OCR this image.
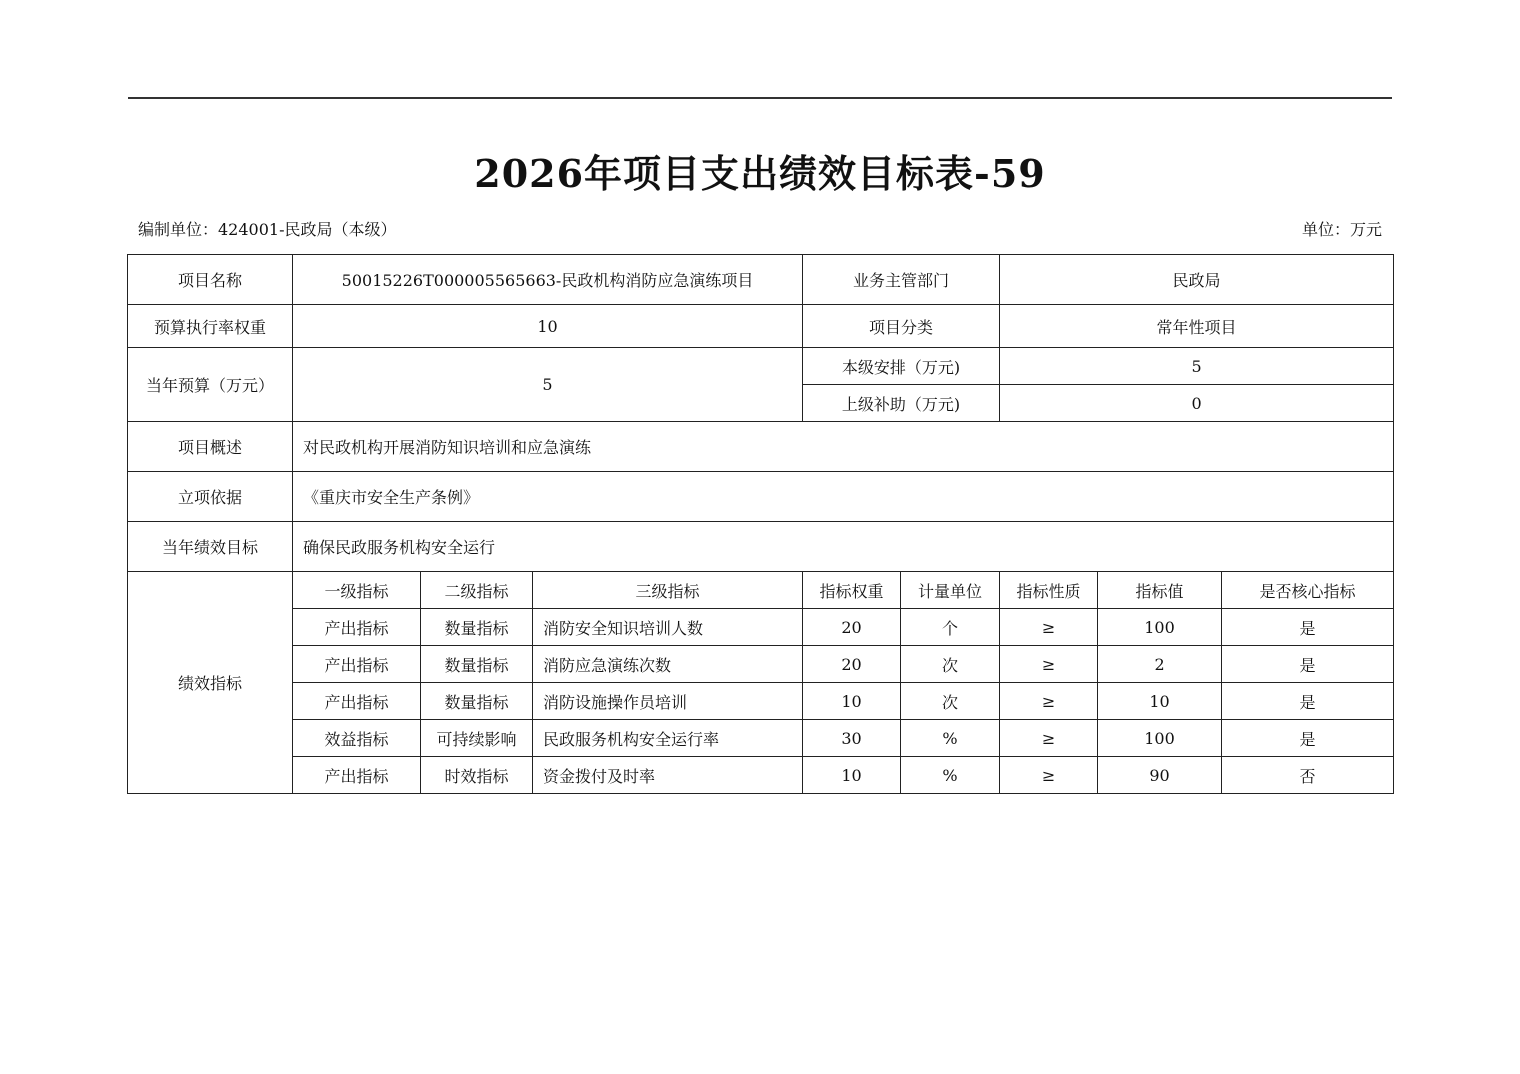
2026年项目支出绩效目标表-59
编制单位：424001-民政局（本级）	单位：万元
项目名称	50015226T000005565663-民政机构消防应急演练项目			业务主管部门		民政局		
预算执行率权重	10			项目分类		常年性项目		
当年预算（万元）	5			本级安排（万元)		5		
				上级补助（万元)		0		
项目概述	对民政机构开展消防知识培训和应急演练							
立项依据	《重庆市安全生产条例》							
当年绩效目标	确保民政服务机构安全运行							
绩效指标	一级指标	二级指标	三级指标	指标权重	计量单位	指标性质	指标值	是否核心指标
	产出指标	数量指标	消防安全知识培训人数	20	个	≥	100	是
	产出指标	数量指标	消防应急演练次数	20	次	≥	2	是
	产出指标	数量指标	消防设施操作员培训	10	次	≥	10	是
	效益指标	可持续影响	民政服务机构安全运行率	30	%	≥	100	是
	产出指标	时效指标	资金拨付及时率	10	%	≥	90	否
